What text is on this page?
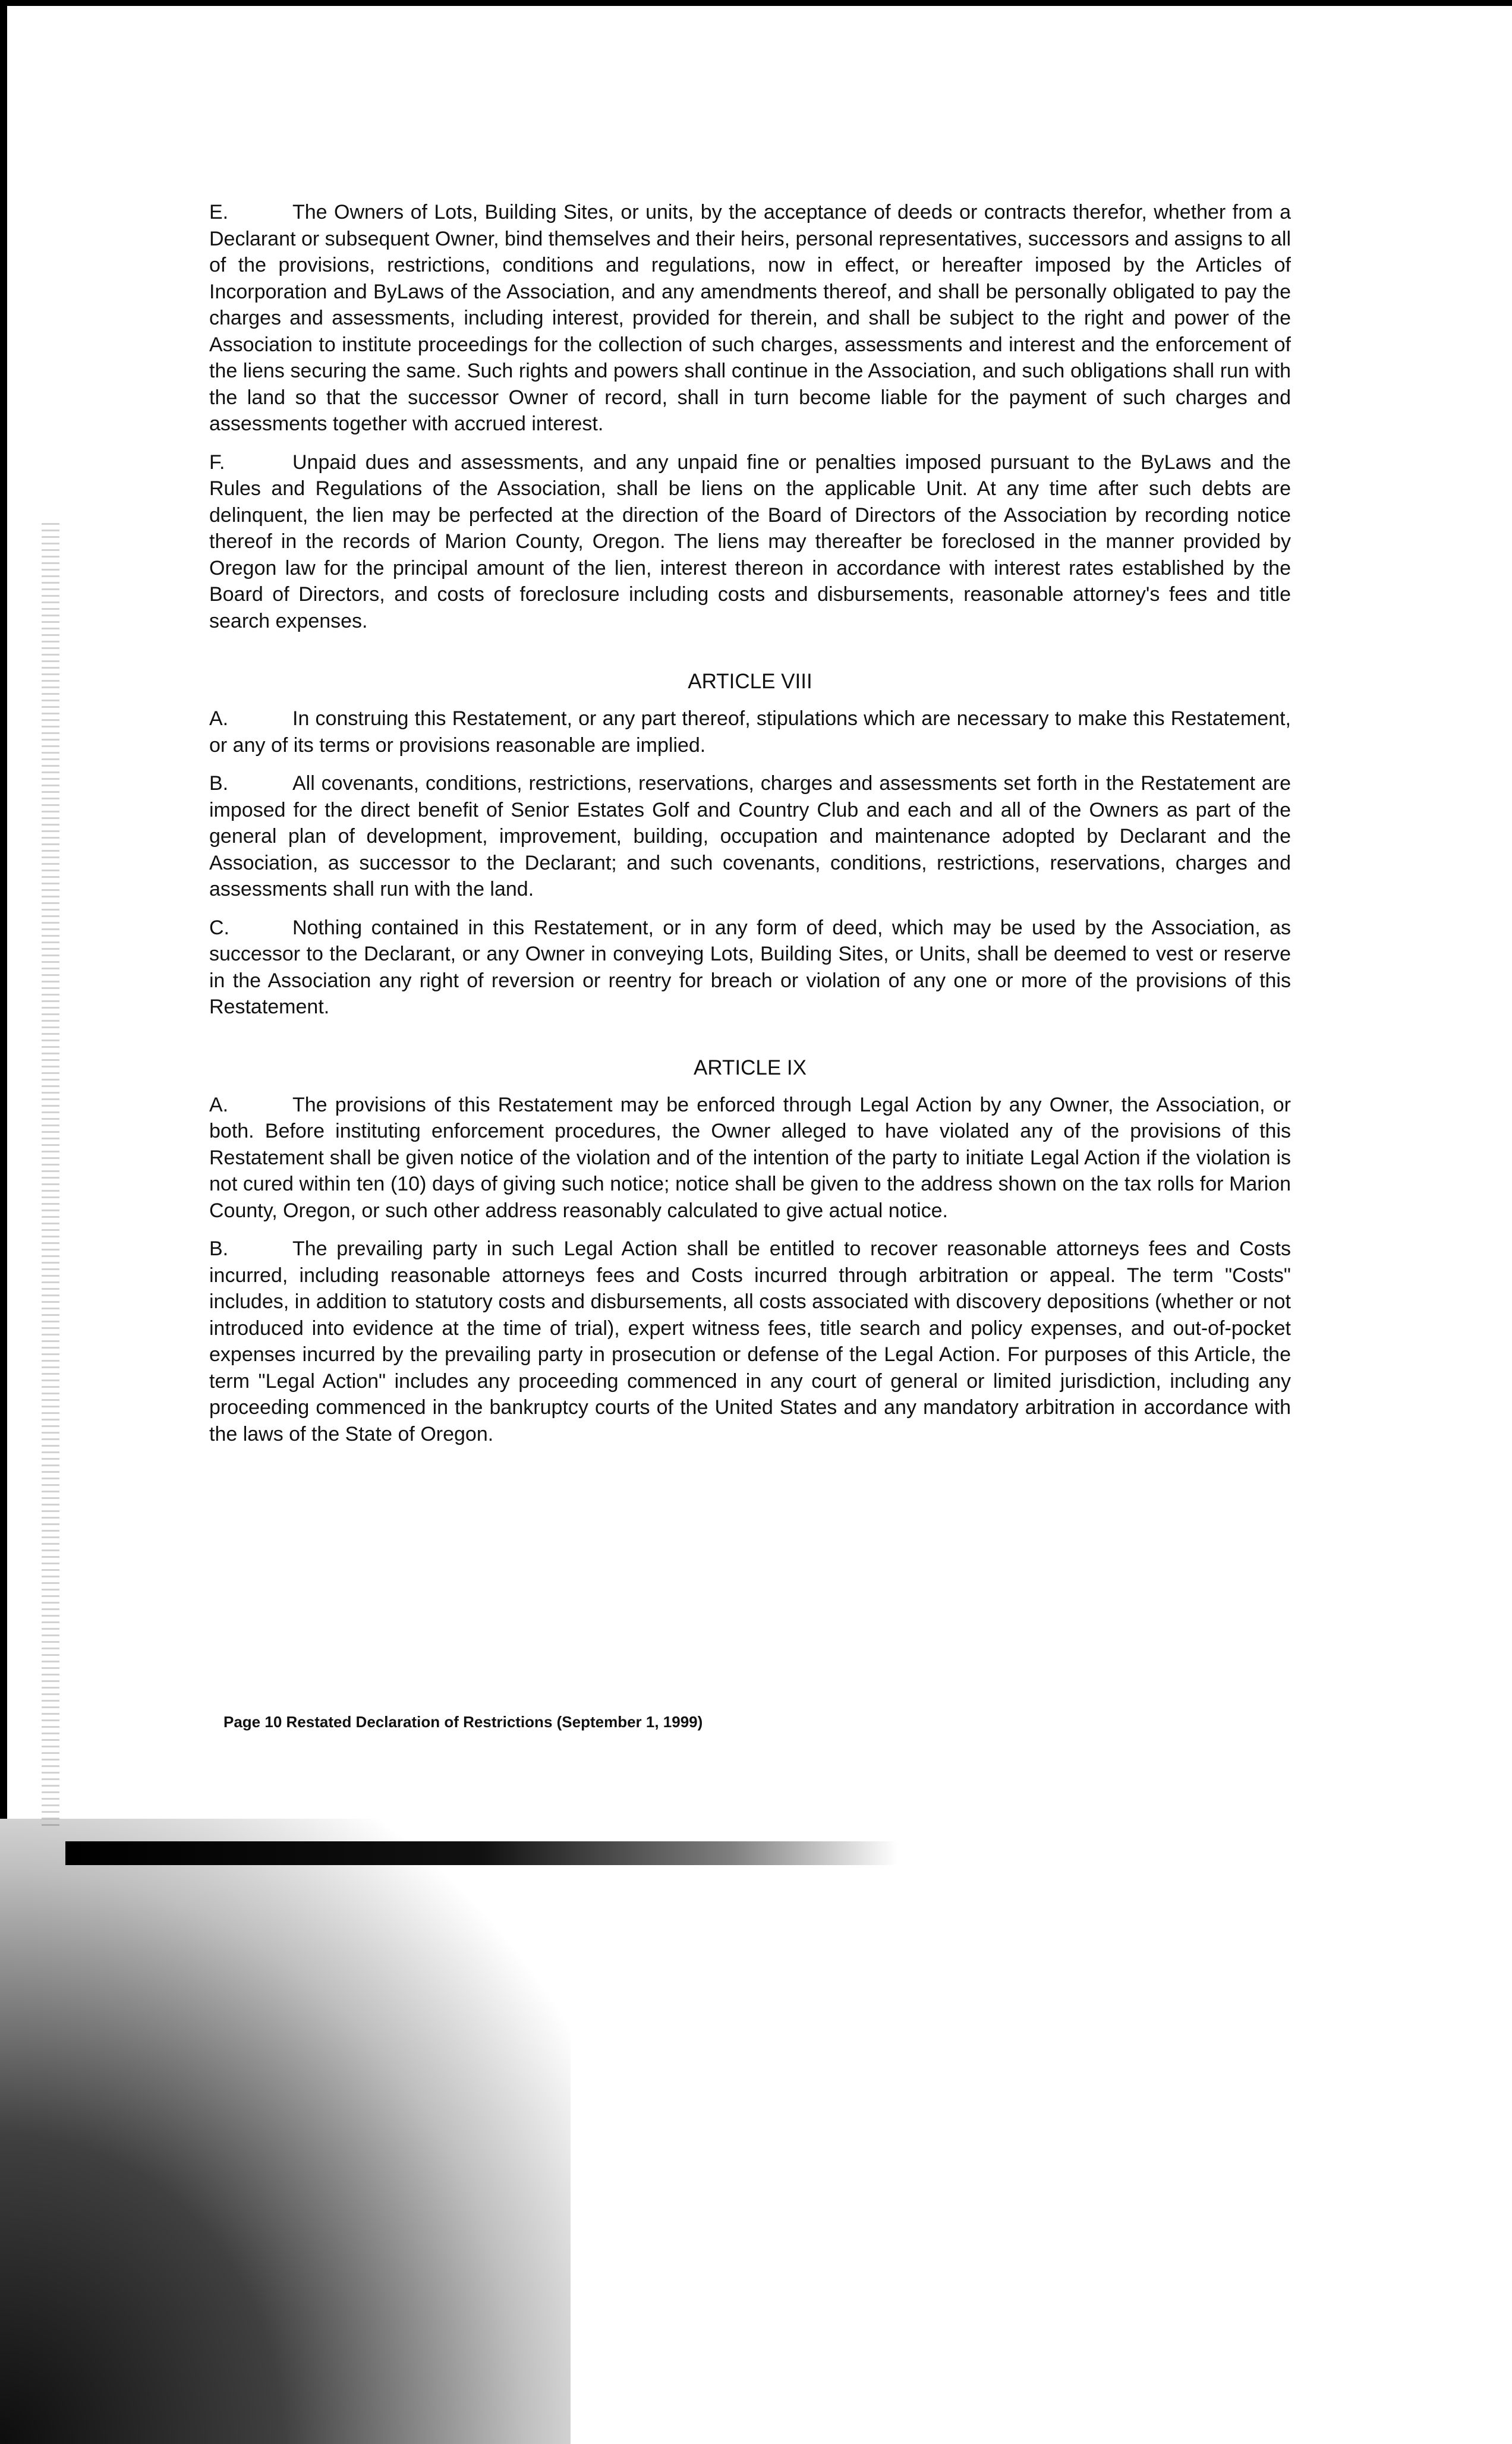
E.	The Owners of Lots, Building Sites, or units, by the acceptance of deeds or contracts therefor, whether from a Declarant or subsequent Owner, bind themselves and their heirs, personal representatives, successors and assigns to all of the provisions, restrictions, conditions and regulations, now in effect, or hereafter imposed by the Articles of Incorporation and ByLaws of the Association, and any amendments thereof, and shall be personally obligated to pay the charges and assessments, including interest, provided for therein, and shall be subject to the right and power of the Association to institute proceedings for the collection of such charges, assessments and interest and the enforcement of the liens securing the same. Such rights and powers shall continue in the Association, and such obligations shall run with the land so that the successor Owner of record, shall in turn become liable for the payment of such charges and assessments together with accrued interest.

F.	Unpaid dues and assessments, and any unpaid fine or penalties imposed pursuant to the ByLaws and the Rules and Regulations of the Association, shall be liens on the applicable Unit. At any time after such debts are delinquent, the lien may be perfected at the direction of the Board of Directors of the Association by recording notice thereof in the records of Marion County, Oregon. The liens may thereafter be foreclosed in the manner provided by Oregon law for the principal amount of the lien, interest thereon in accordance with interest rates established by the Board of Directors, and costs of foreclosure including costs and disbursements, reasonable attorney's fees and title search expenses.

ARTICLE VIII

A.	In construing this Restatement, or any part thereof, stipulations which are necessary to make this Restatement, or any of its terms or provisions reasonable are implied.

B.	All covenants, conditions, restrictions, reservations, charges and assessments set forth in the Restatement are imposed for the direct benefit of Senior Estates Golf and Country Club and each and all of the Owners as part of the general plan of development, improvement, building, occupation and maintenance adopted by Declarant and the Association, as successor to the Declarant; and such covenants, conditions, restrictions, reservations, charges and assessments shall run with the land.

C.	Nothing contained in this Restatement, or in any form of deed, which may be used by the Association, as successor to the Declarant, or any Owner in conveying Lots, Building Sites, or Units, shall be deemed to vest or reserve in the Association any right of reversion or reentry for breach or violation of any one or more of the provisions of this Restatement.

ARTICLE IX

A.	The provisions of this Restatement may be enforced through Legal Action by any Owner, the Association, or both. Before instituting enforcement procedures, the Owner alleged to have violated any of the provisions of this Restatement shall be given notice of the violation and of the intention of the party to initiate Legal Action if the violation is not cured within ten (10) days of giving such notice; notice shall be given to the address shown on the tax rolls for Marion County, Oregon, or such other address reasonably calculated to give actual notice.

B.	The prevailing party in such Legal Action shall be entitled to recover reasonable attorneys fees and Costs incurred, including reasonable attorneys fees and Costs incurred through arbitration or appeal. The term "Costs" includes, in addition to statutory costs and disbursements, all costs associated with discovery depositions (whether or not introduced into evidence at the time of trial), expert witness fees, title search and policy expenses, and out-of-pocket expenses incurred by the prevailing party in prosecution or defense of the Legal Action. For purposes of this Article, the term "Legal Action" includes any proceeding commenced in any court of general or limited jurisdiction, including any proceeding commenced in the bankruptcy courts of the United States and any mandatory arbitration in accordance with the laws of the State of Oregon.

Page 10 Restated Declaration of Restrictions (September 1, 1999)
